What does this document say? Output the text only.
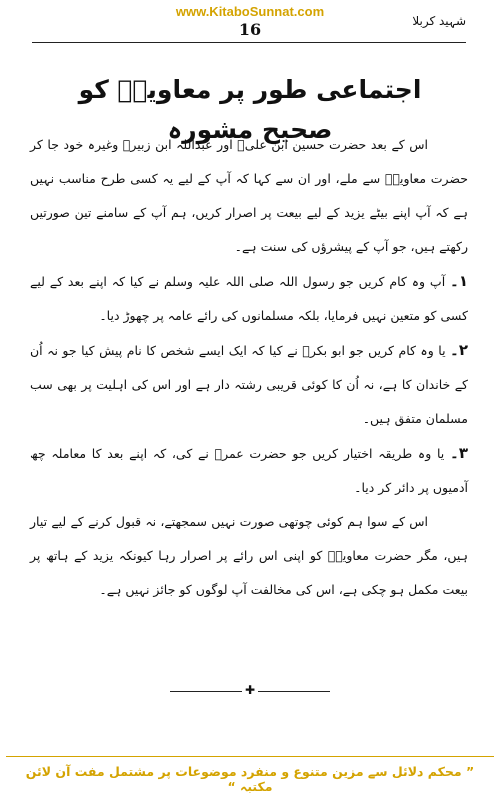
www.KitaboSunnat.com
شہید کربلا
16
اجتماعی طور پر معاویہؓ کو صحیح مشورہ

اس کے بعد حضرت حسین ابن علیؓ اور عبداللہ ابن زبیرؓ وغیرہ خود جا کر حضرت معاویہؓ سے ملے، اور ان سے کہا کہ آپ کے لیے یہ کسی طرح مناسب نہیں ہے کہ آپ اپنے بیٹے یزید کے لیے بیعت پر اصرار کریں، ہم آپ کے سامنے تین صورتیں رکھتے ہیں، جو آپ کے پیشرؤں کی سنت ہے۔

۱۔ آپ وہ کام کریں جو رسول اللہ صلی اللہ علیہ وسلم نے کیا کہ اپنے بعد کے لیے کسی کو متعین نہیں فرمایا، بلکہ مسلمانوں کی رائے عامہ پر چھوڑ دیا۔

۲۔ یا وہ کام کریں جو ابو بکرؓ نے کیا کہ ایک ایسے شخص کا نام پیش کیا جو نہ اُن کے خاندان کا ہے، نہ اُن کا کوئی قریبی رشتہ دار ہے اور اس کی اہلیت پر بھی سب مسلمان متفق ہیں۔

۳۔ یا وہ طریقہ اختیار کریں جو حضرت عمرؓ نے کی، کہ اپنے بعد کا معاملہ چھ آدمیوں پر دائر کر دیا۔

اس کے سوا ہم کوئی چوتھی صورت نہیں سمجھتے، نہ قبول کرنے کے لیے تیار ہیں، مگر حضرت معاویہؓ کو اپنی اس رائے پر اصرار رہا کیونکہ یزید کے ہاتھ پر بیعت مکمل ہو چکی ہے، اس کی مخالفت آپ لوگوں کو جائز نہیں ہے۔

✚
” محکم دلائل سے مزین متنوع و منفرد موضوعات پر مشتمل مفت آن لائن مکتبہ “
